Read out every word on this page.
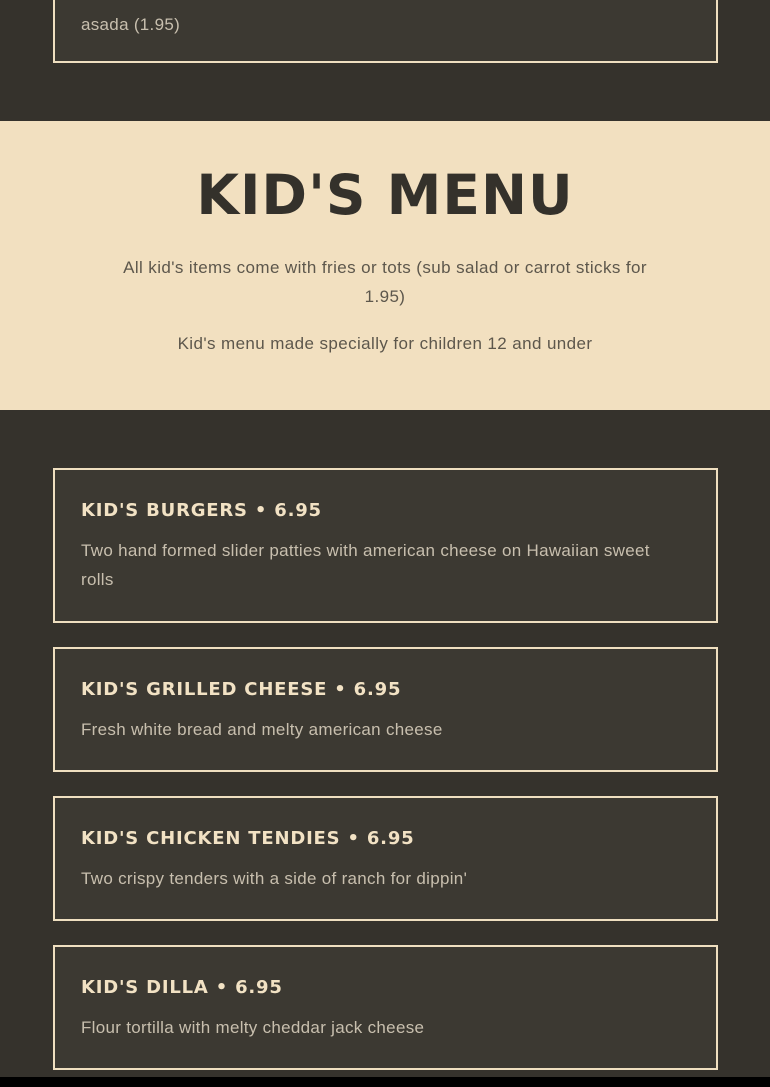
asada (1.95)

KID'S MENU

All kid's items come with fries or tots (sub salad or carrot sticks for 1.95)

Kid's menu made specially for children 12 and under

KID'S BURGERS • 6.95

Two hand formed slider patties with american cheese on Hawaiian sweet rolls

KID'S GRILLED CHEESE • 6.95

Fresh white bread and melty american cheese

KID'S CHICKEN TENDIES • 6.95

Two crispy tenders with a side of ranch for dippin'

KID'S DILLA • 6.95

Flour tortilla with melty cheddar jack cheese
